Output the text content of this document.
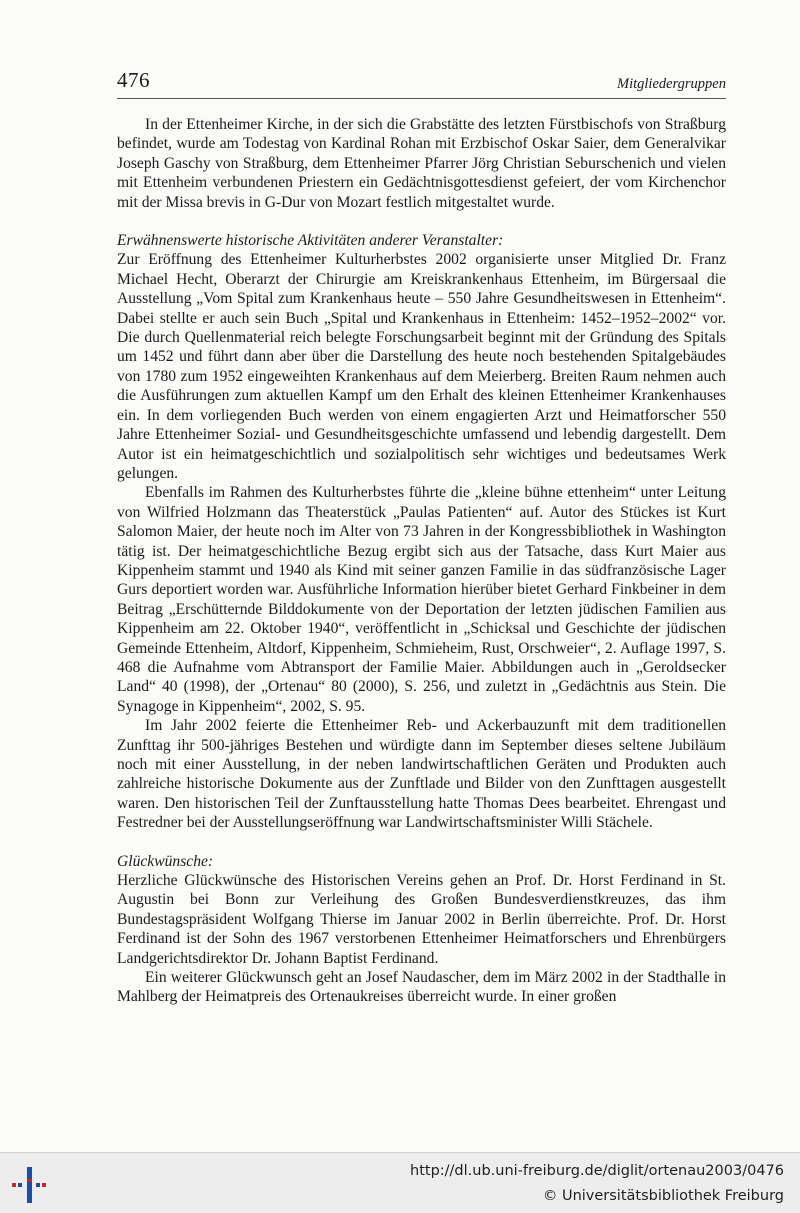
476	Mitgliedergruppen

In der Ettenheimer Kirche, in der sich die Grabstätte des letzten Fürstbischofs von Straßburg befindet, wurde am Todestag von Kardinal Rohan mit Erzbischof Oskar Saier, dem Generalvikar Joseph Gaschy von Straßburg, dem Ettenheimer Pfarrer Jörg Christian Seburschenich und vielen mit Ettenheim verbundenen Priestern ein Gedächtnisgottesdienst gefeiert, der vom Kirchenchor mit der Missa brevis in G-Dur von Mozart festlich mitgestaltet wurde.

Erwähnenswerte historische Aktivitäten anderer Veranstalter:

Zur Eröffnung des Ettenheimer Kulturherbstes 2002 organisierte unser Mitglied Dr. Franz Michael Hecht, Oberarzt der Chirurgie am Kreiskrankenhaus Ettenheim, im Bürgersaal die Ausstellung „Vom Spital zum Krankenhaus heute – 550 Jahre Gesundheitswesen in Ettenheim“. Dabei stellte er auch sein Buch „Spital und Krankenhaus in Ettenheim: 1452–1952–2002“ vor. Die durch Quellenmaterial reich belegte Forschungsarbeit beginnt mit der Gründung des Spitals um 1452 und führt dann aber über die Darstellung des heute noch bestehenden Spitalgebäudes von 1780 zum 1952 eingeweihten Krankenhaus auf dem Meierberg. Breiten Raum nehmen auch die Ausführungen zum aktuellen Kampf um den Erhalt des kleinen Ettenheimer Krankenhauses ein. In dem vorliegenden Buch werden von einem engagierten Arzt und Heimatforscher 550 Jahre Ettenheimer Sozial- und Gesundheitsgeschichte umfassend und lebendig dargestellt. Dem Autor ist ein heimatgeschichtlich und sozialpolitisch sehr wichtiges und bedeutsames Werk gelungen.

Ebenfalls im Rahmen des Kulturherbstes führte die „kleine bühne ettenheim“ unter Leitung von Wilfried Holzmann das Theaterstück „Paulas Patienten“ auf. Autor des Stückes ist Kurt Salomon Maier, der heute noch im Alter von 73 Jahren in der Kongressbibliothek in Washington tätig ist. Der heimatgeschichtliche Bezug ergibt sich aus der Tatsache, dass Kurt Maier aus Kippenheim stammt und 1940 als Kind mit seiner ganzen Familie in das südfranzösische Lager Gurs deportiert worden war. Ausführliche Information hierüber bietet Gerhard Finkbeiner in dem Beitrag „Erschütternde Bilddokumente von der Deportation der letzten jüdischen Familien aus Kippenheim am 22. Oktober 1940“, veröffentlicht in „Schicksal und Geschichte der jüdischen Gemeinde Ettenheim, Altdorf, Kippenheim, Schmieheim, Rust, Orschweier“, 2. Auflage 1997, S. 468 die Aufnahme vom Abtransport der Familie Maier. Abbildungen auch in „Geroldsecker Land“ 40 (1998), der „Ortenau“ 80 (2000), S. 256, und zuletzt in „Gedächtnis aus Stein. Die Synagoge in Kippenheim“, 2002, S. 95.

Im Jahr 2002 feierte die Ettenheimer Reb- und Ackerbauzunft mit dem traditionellen Zunfttag ihr 500-jähriges Bestehen und würdigte dann im September dieses seltene Jubiläum noch mit einer Ausstellung, in der neben landwirtschaftlichen Geräten und Produkten auch zahlreiche historische Dokumente aus der Zunftlade und Bilder von den Zunfttagen ausgestellt waren. Den historischen Teil der Zunftausstellung hatte Thomas Dees bearbeitet. Ehrengast und Festredner bei der Ausstellungseröffnung war Landwirtschaftsminister Willi Stächele.

Glückwünsche:

Herzliche Glückwünsche des Historischen Vereins gehen an Prof. Dr. Horst Ferdinand in St. Augustin bei Bonn zur Verleihung des Großen Bundesverdienstkreuzes, das ihm Bundestagspräsident Wolfgang Thierse im Januar 2002 in Berlin überreichte. Prof. Dr. Horst Ferdinand ist der Sohn des 1967 verstorbenen Ettenheimer Heimatforschers und Ehrenbürgers Landgerichtsdirektor Dr. Johann Baptist Ferdinand.

Ein weiterer Glückwunsch geht an Josef Naudascher, dem im März 2002 in der Stadthalle in Mahlberg der Heimatpreis des Ortenaukreises überreicht wurde. In einer großen

http://dl.ub.uni-freiburg.de/diglit/ortenau2003/0476
© Universitätsbibliothek Freiburg
